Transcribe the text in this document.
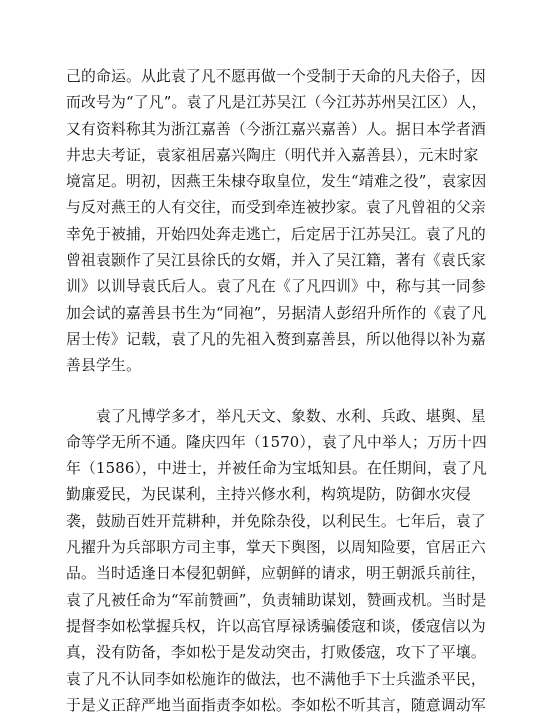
己的命运。从此袁了凡不愿再做一个受制于天命的凡夫俗子，因
而改号为“了凡”。袁了凡是江苏吴江（今江苏苏州吴江区）人，
又有资料称其为浙江嘉善（今浙江嘉兴嘉善）人。据日本学者酒
井忠夫考证，袁家祖居嘉兴陶庄（明代并入嘉善县），元末时家
境富足。明初，因燕王朱棣夺取皇位，发生“靖难之役”，袁家因
与反对燕王的人有交往，而受到牵连被抄家。袁了凡曾祖的父亲
幸免于被捕，开始四处奔走逃亡，后定居于江苏吴江。袁了凡的
曾祖袁颢作了吴江县徐氏的女婿，并入了吴江籍，著有《袁氏家
训》以训导袁氏后人。袁了凡在《了凡四训》中，称与其一同参
加会试的嘉善县书生为“同袍”，另据清人彭绍升所作的《袁了凡
居士传》记载，袁了凡的先祖入赘到嘉善县，所以他得以补为嘉
善县学生。

　　袁了凡博学多才，举凡天文、象数、水利、兵政、堪舆、星
命等学无所不通。隆庆四年（1570），袁了凡中举人；万历十四
年（1586），中进士，并被任命为宝坻知县。在任期间，袁了凡
勤廉爱民，为民谋利，主持兴修水利，构筑堤防，防御水灾侵
袭，鼓励百姓开荒耕种，并免除杂役，以利民生。七年后，袁了
凡擢升为兵部职方司主事，掌天下舆图，以周知险要，官居正六
品。当时适逢日本侵犯朝鲜，应朝鲜的请求，明王朝派兵前往，
袁了凡被任命为“军前赞画”，负责辅助谋划，赞画戎机。当时是
提督李如松掌握兵权，许以高官厚禄诱骗倭寇和谈，倭寇信以为
真，没有防备，李如松于是发动突击，打败倭寇，攻下了平壤。
袁了凡不认同李如松施诈的做法，也不满他手下士兵滥杀平民，
于是义正辞严地当面指责李如松。李如松不听其言，随意调动军
